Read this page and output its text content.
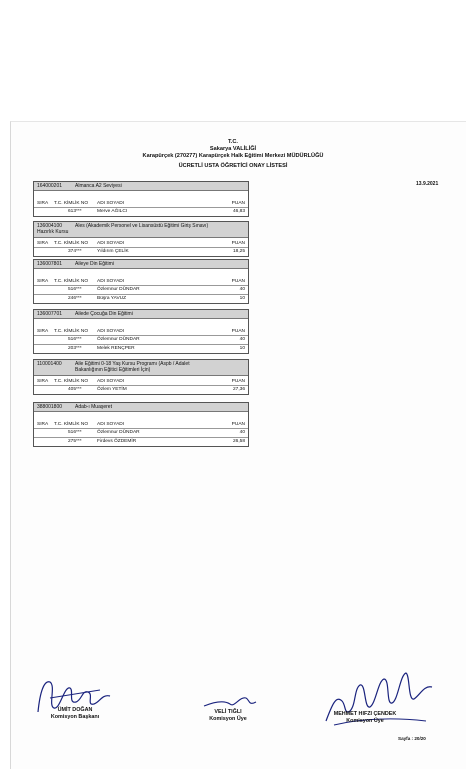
T.C.
Sakarya VALİLİĞİ
Karapürçek (270277) Karapürçek Halk Eğitimi Merkezi MÜDÜRLÜĞÜ
ÜCRETLİ USTA ÖĞRETİCİ ONAY LİSTESİ
13.9.2021
164000201	Almanca A2 Seviyesi
SIRA T.C. KİMLİK NO ADI SOYADI	PUAN
613***	Merve AĞILCI	46,83
136004100	Ales (Akademik Personel ve Lisansüstü Eğitimi Giriş Sınavı)
Hazırlık Kursu
SIRA T.C. KİMLİK NO ADI SOYADI	PUAN
374***	Yıldırım ÇELİK	18,25
136007801	Aileye Din Eğitimi
SIRA T.C. KİMLİK NO ADI SOYADI	PUAN
516***	Özlemnur DÜNDAR	40
246***	Büşra YAVUZ	10
136007701	Ailede Çocuğa Din Eğitimi
SIRA T.C. KİMLİK NO ADI SOYADI	PUAN
516***	Özlemnur DÜNDAR	40
203***	Melek RENÇPER	10
110001400	Aile Eğitimi 0-18 Yaş Kursu Programı (Aspb / Adalet
Bakanlığının Eğitici Eğitimleri İçin)
SIRA T.C. KİMLİK NO ADI SOYADI	PUAN
405***	Özlem YETİM	27,36
388001800	Adab-ı Muaşeret
SIRA T.C. KİMLİK NO ADI SOYADI	PUAN
516***	Özlemnur DÜNDAR	40
275***	Firdevs ÖZDEMİR	26,58
ÜMİT DOĞAN
Komisyon Başkanı
VELİ TIĞLI
Komisyon Üye
MEHMET HIFZI ÇENDEK
Komisyon Üye
Sayfa : 20/20
